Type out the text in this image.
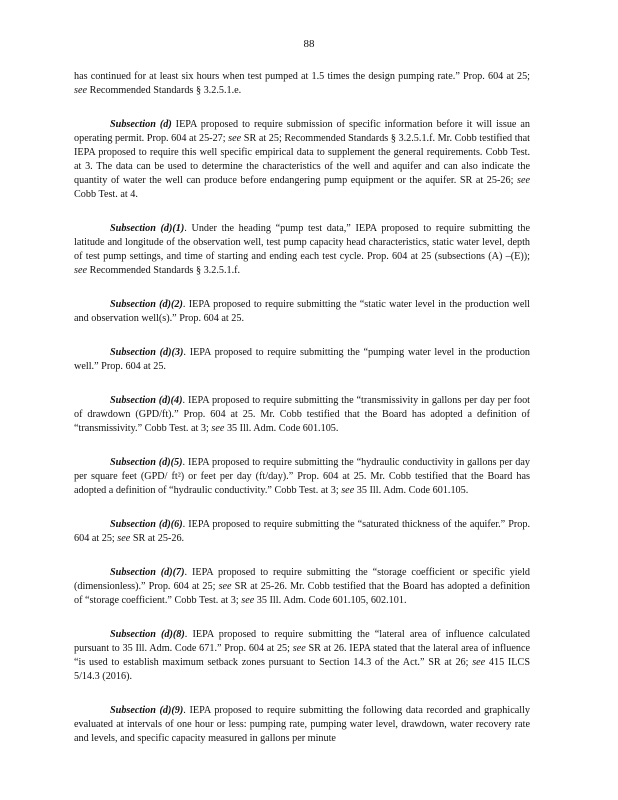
88

has continued for at least six hours when test pumped at 1.5 times the design pumping rate.” Prop. 604 at 25; see Recommended Standards § 3.2.5.1.e.

Subsection (d) IEPA proposed to require submission of specific information before it will issue an operating permit. Prop. 604 at 25-27; see SR at 25; Recommended Standards § 3.2.5.1.f. Mr. Cobb testified that IEPA proposed to require this well specific empirical data to supplement the general requirements. Cobb Test. at 3. The data can be used to determine the characteristics of the well and aquifer and can also indicate the quantity of water the well can produce before endangering pump equipment or the aquifer. SR at 25-26; see Cobb Test. at 4.

Subsection (d)(1). Under the heading “pump test data,” IEPA proposed to require submitting the latitude and longitude of the observation well, test pump capacity head characteristics, static water level, depth of test pump settings, and time of starting and ending each test cycle. Prop. 604 at 25 (subsections (A) –(E)); see Recommended Standards § 3.2.5.1.f.

Subsection (d)(2). IEPA proposed to require submitting the “static water level in the production well and observation well(s).” Prop. 604 at 25.

Subsection (d)(3). IEPA proposed to require submitting the “pumping water level in the production well.” Prop. 604 at 25.

Subsection (d)(4). IEPA proposed to require submitting the “transmissivity in gallons per day per foot of drawdown (GPD/ft).” Prop. 604 at 25. Mr. Cobb testified that the Board has adopted a definition of “transmissivity.” Cobb Test. at 3; see 35 Ill. Adm. Code 601.105.

Subsection (d)(5). IEPA proposed to require submitting the “hydraulic conductivity in gallons per day per square feet (GPD/ ft²) or feet per day (ft/day).” Prop. 604 at 25. Mr. Cobb testified that the Board has adopted a definition of “hydraulic conductivity.” Cobb Test. at 3; see 35 Ill. Adm. Code 601.105.

Subsection (d)(6). IEPA proposed to require submitting the “saturated thickness of the aquifer.” Prop. 604 at 25; see SR at 25-26.

Subsection (d)(7). IEPA proposed to require submitting the “storage coefficient or specific yield (dimensionless).” Prop. 604 at 25; see SR at 25-26. Mr. Cobb testified that the Board has adopted a definition of “storage coefficient.” Cobb Test. at 3; see 35 Ill. Adm. Code 601.105, 602.101.

Subsection (d)(8). IEPA proposed to require submitting the “lateral area of influence calculated pursuant to 35 Ill. Adm. Code 671.” Prop. 604 at 25; see SR at 26. IEPA stated that the lateral area of influence “is used to establish maximum setback zones pursuant to Section 14.3 of the Act.” SR at 26; see 415 ILCS 5/14.3 (2016).

Subsection (d)(9). IEPA proposed to require submitting the following data recorded and graphically evaluated at intervals of one hour or less: pumping rate, pumping water level, drawdown, water recovery rate and levels, and specific capacity measured in gallons per minute
